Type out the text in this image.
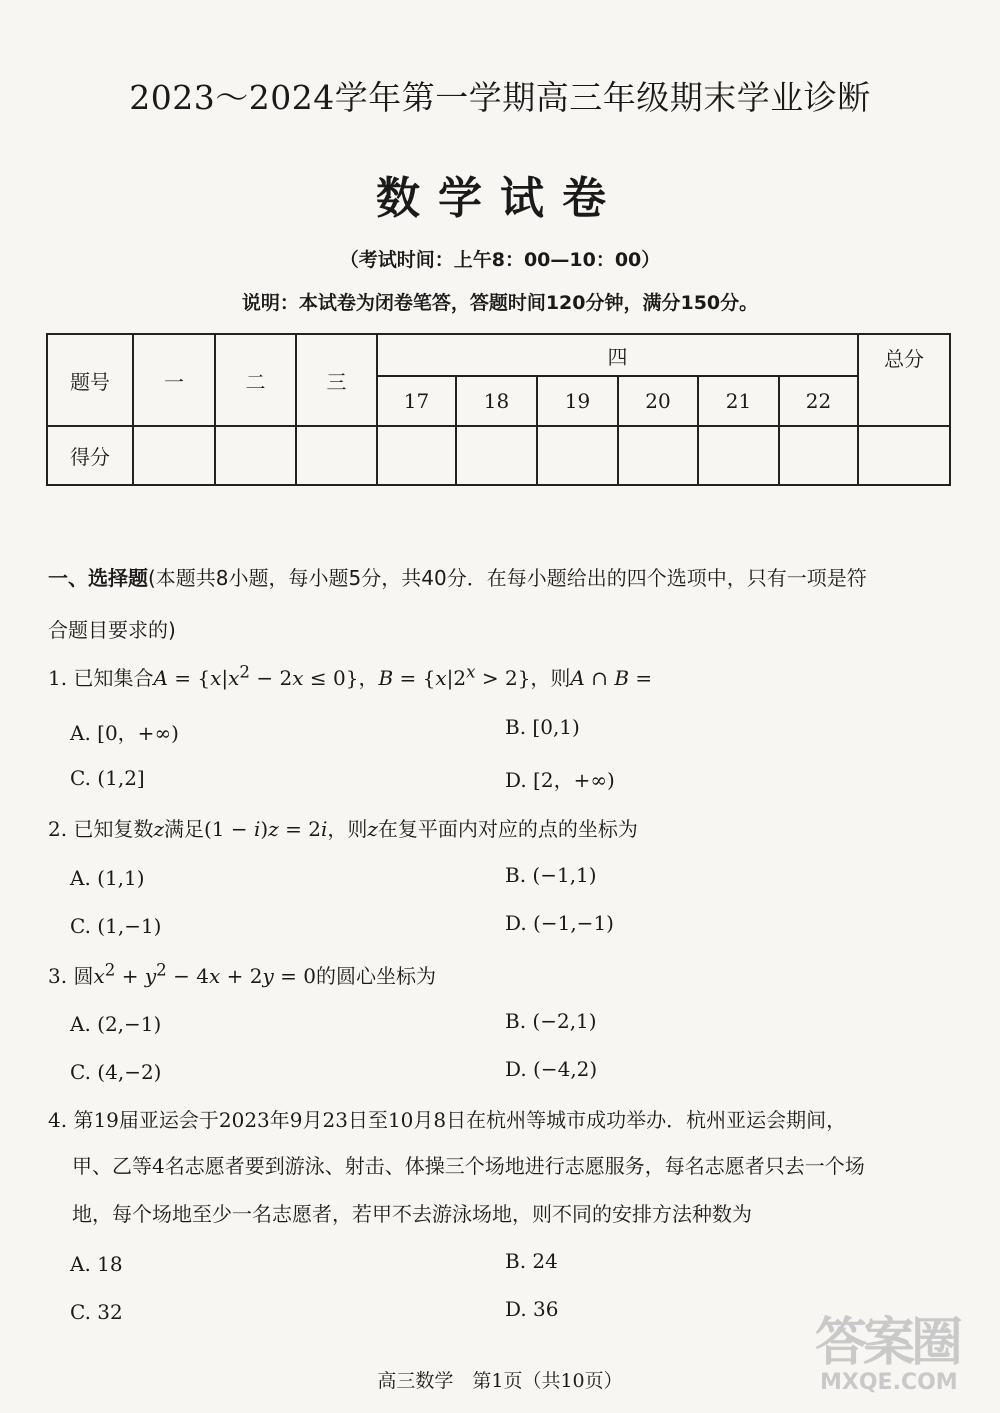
2023～2024学年第一学期高三年级期末学业诊断
数学试卷
（考试时间：上午8：00—10：00）
说明：本试卷为闭卷笔答，答题时间120分钟，满分150分。
题号	一	二	三	四						总分
				17	18	19	20	21	22	
得分										
一、选择题(本题共8小题，每小题5分，共40分．在每小题给出的四个选项中，只有一项是符
合题目要求的)
1. 已知集合$A = \{x|x^2 - 2x \le 0\}$，$B = \{x|2^x > 2\}$，则A ∩ B =
A. [0，+∞)	B. [0,1)
C. (1,2]	D. [2，+∞)
2. 已知复数z满足(1 − i)z = 2i，则z在复平面内对应的点的坐标为
A. (1,1)	B. (−1,1)
C. (1,−1)	D. (−1,−1)
3. 圆$x^2 + y^2 - 4x + 2y = 0$的圆心坐标为
A. (2,−1)	B. (−2,1)
C. (4,−2)	D. (−4,2)
4. 第19届亚运会于2023年9月23日至10月8日在杭州等城市成功举办．杭州亚运会期间，
甲、乙等4名志愿者要到游泳、射击、体操三个场地进行志愿服务，每名志愿者只去一个场
地，每个场地至少一名志愿者，若甲不去游泳场地，则不同的安排方法种数为
A. 18	B. 24
C. 32	D. 36
高三数学　第1页（共10页）
答案圈
MXQE.COM
